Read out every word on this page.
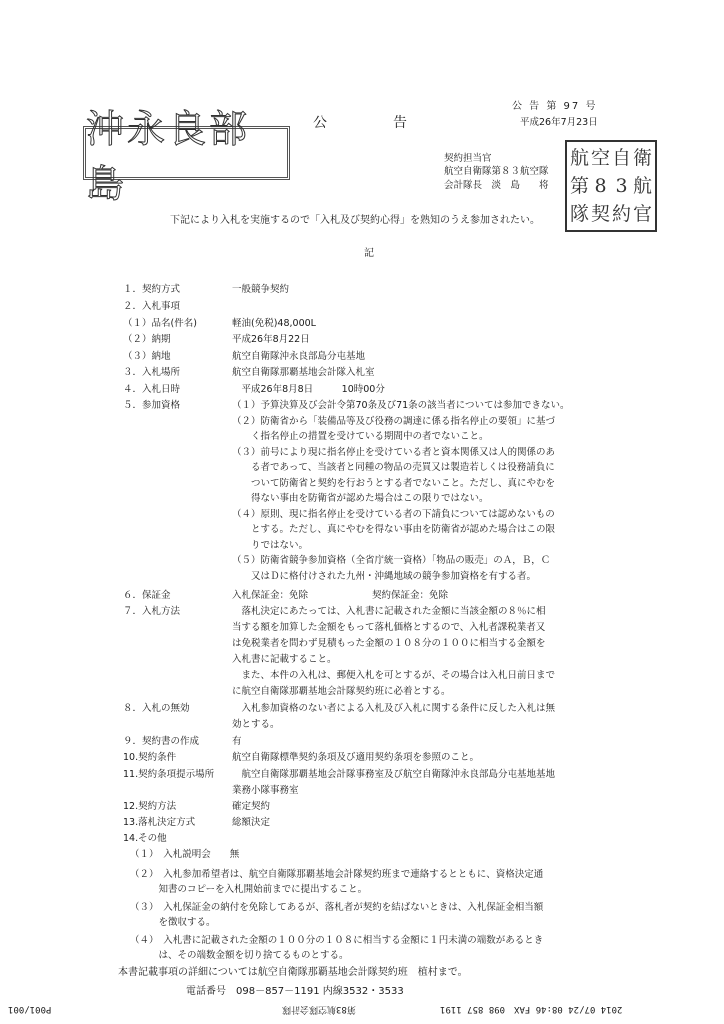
公 告 第 97 号
公　　　告	平成26年7月23日
沖永良部島
契約担当官
航空自衛隊第８３航空隊
会計隊長　淡　島　　将
航 空 自 衛
第 8 3 航
隊 契 約 官
下記により入札を実施するので「入札及び契約心得」を熟知のうえ参加されたい。
記
１．契約方式	一般競争契約
２．入札事項
（１）品名(件名)	軽油(免税)48,000L
（２）納期	平成26年8月22日
（３）納地	航空自衛隊沖永良部島分屯基地
３．入札場所	航空自衛隊那覇基地会計隊入札室
４．入札日時	　平成26年8月8日　　　10時00分
５．参加資格	（１）予算決算及び会計令第70条及び71条の該当者については参加できない。
（２）防衛省から「装備品等及び役務の調達に係る指名停止の要領」に基づ
　　く指名停止の措置を受けている期間中の者でないこと。
（３）前号により現に指名停止を受けている者と資本関係又は人的関係のあ
　　る者であって、当該者と同種の物品の売買又は製造若しくは役務請負に
　　ついて防衛省と契約を行おうとする者でないこと。ただし、真にやむを
　　得ない事由を防衛省が認めた場合はこの限りではない。
（４）原則、現に指名停止を受けている者の下請負については認めないもの
　　とする。ただし、真にやむを得ない事由を防衛省が認めた場合はこの限
　　りではない。
（５）防衛省競争参加資格（全省庁統一資格）「物品の販売」のＡ，Ｂ，Ｃ
　　又はＤに格付けされた九州・沖縄地域の競争参加資格を有する者。
６．保証金	入札保証金：免除	契約保証金：免除
７．入札方法	　落札決定にあたっては、入札書に記載された金額に当該金額の８％に相
当する額を加算した金額をもって落札価格とするので、入札者課税業者又
は免税業者を問わず見積もった金額の１０８分の１００に相当する金額を
入札書に記載すること。
　また、本件の入札は、郵便入札を可とするが、その場合は入札日前日まで
に航空自衛隊那覇基地会計隊契約班に必着とする。
８．入札の無効	　入札参加資格のない者による入札及び入札に関する条件に反した入札は無
効とする。
９．契約書の作成	有
10.契約条件	航空自衛隊標準契約条項及び適用契約条項を参照のこと。
11.契約条項提示場所 　航空自衛隊那覇基地会計隊事務室及び航空自衛隊沖永良部島分屯基地基地
業務小隊事務室
12.契約方法	確定契約
13.落札決定方式	総額決定
14.その他
（１）　入札説明会　　無
（２）　入札参加希望者は、航空自衛隊那覇基地会計隊契約班まで連絡するとともに、資格決定通
　　　知書のコピーを入札開始前までに提出すること。
（３）　入札保証金の納付を免除してあるが、落札者が契約を結ばないときは、入札保証金相当額
　　　を徴収する。
（４）　入札書に記載された金額の１００分の１０８に相当する金額に１円未満の端数があるとき
　　　は、その端数金額を切り捨てるものとする。
本書記載事項の詳細については航空自衛隊那覇基地会計隊契約班　植村まで。
電話番号　098－857－1191 内線3532・3533
P001/001	第83航空隊会計隊	2014 07/24 08:46 FAX　098 857 1191
